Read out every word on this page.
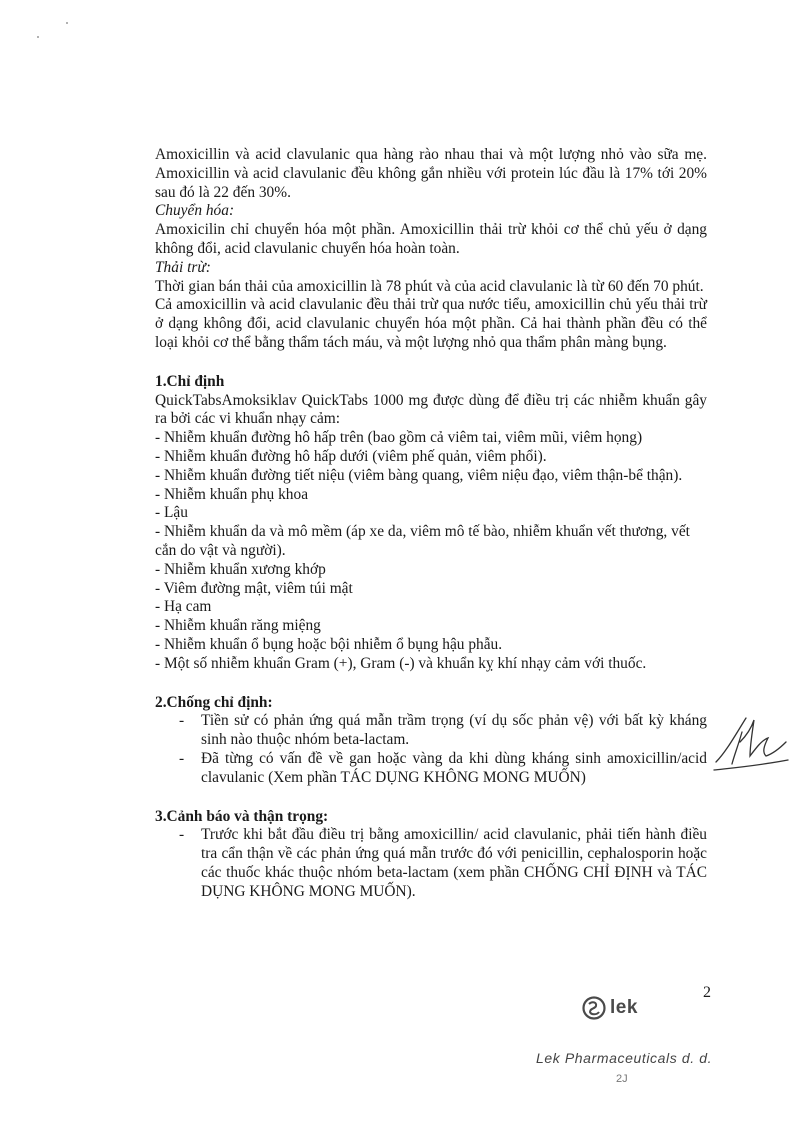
Amoxicillin và acid clavulanic qua hàng rào nhau thai và một lượng nhỏ vào sữa mẹ. Amoxicillin và acid clavulanic đều không gắn nhiều với protein lúc đầu là 17% tới 20% sau đó là 22 đến 30%.

Chuyển hóa:

Amoxicilin chỉ chuyển hóa một phần. Amoxicillin thải trừ khỏi cơ thể chủ yếu ở dạng không đổi, acid clavulanic chuyển hóa hoàn toàn.

Thải trừ:

Thời gian bán thải của amoxicillin là 78 phút và của acid clavulanic là từ 60 đến 70 phút.

Cả amoxicillin và acid clavulanic đều thải trừ qua nước tiểu, amoxicillin chủ yếu thải trừ ở dạng không đổi, acid clavulanic chuyển hóa một phần. Cả hai thành phần đều có thể loại khỏi cơ thể bằng thẩm tách máu, và một lượng nhỏ qua thẩm phân màng bụng.

1.Chỉ định

QuickTabsAmoksiklav QuickTabs 1000 mg được dùng để điều trị các nhiễm khuẩn gây ra bởi các vi khuẩn nhạy cảm:

- Nhiễm khuẩn đường hô hấp trên (bao gồm cả viêm tai, viêm mũi, viêm họng)
- Nhiễm khuẩn đường hô hấp dưới (viêm phế quản, viêm phổi).
- Nhiễm khuẩn đường tiết niệu (viêm bàng quang, viêm niệu đạo, viêm thận-bể thận).
- Nhiễm khuẩn phụ khoa
- Lậu
- Nhiễm khuẩn da và mô mềm (áp xe da, viêm mô tế bào, nhiễm khuẩn vết thương, vết cắn do vật và người).
- Nhiễm khuẩn xương khớp
- Viêm đường mật, viêm túi mật
- Hạ cam
- Nhiễm khuẩn răng miệng
- Nhiễm khuẩn ổ bụng hoặc bội nhiễm ổ bụng hậu phẫu.
- Một số nhiễm khuẩn Gram (+), Gram (-) và khuẩn kỵ khí nhạy cảm với thuốc.

2.Chống chỉ định:

- Tiền sử có phản ứng quá mẫn trầm trọng (ví dụ sốc phản vệ) với bất kỳ kháng sinh nào thuộc nhóm beta-lactam.
- Đã từng có vấn đề về gan hoặc vàng da khi dùng kháng sinh amoxicillin/acid clavulanic (Xem phần TÁC DỤNG KHÔNG MONG MUỐN)

3.Cảnh báo và thận trọng:

- Trước khi bắt đầu điều trị bằng amoxicillin/ acid clavulanic, phải tiến hành điều tra cẩn thận về các phản ứng quá mẫn trước đó với penicillin, cephalosporin hoặc các thuốc khác thuộc nhóm beta-lactam (xem phần CHỐNG CHỈ ĐỊNH và TÁC DỤNG KHÔNG MONG MUỐN).
2
lek
Lek Pharmaceuticals d. d.
2J
